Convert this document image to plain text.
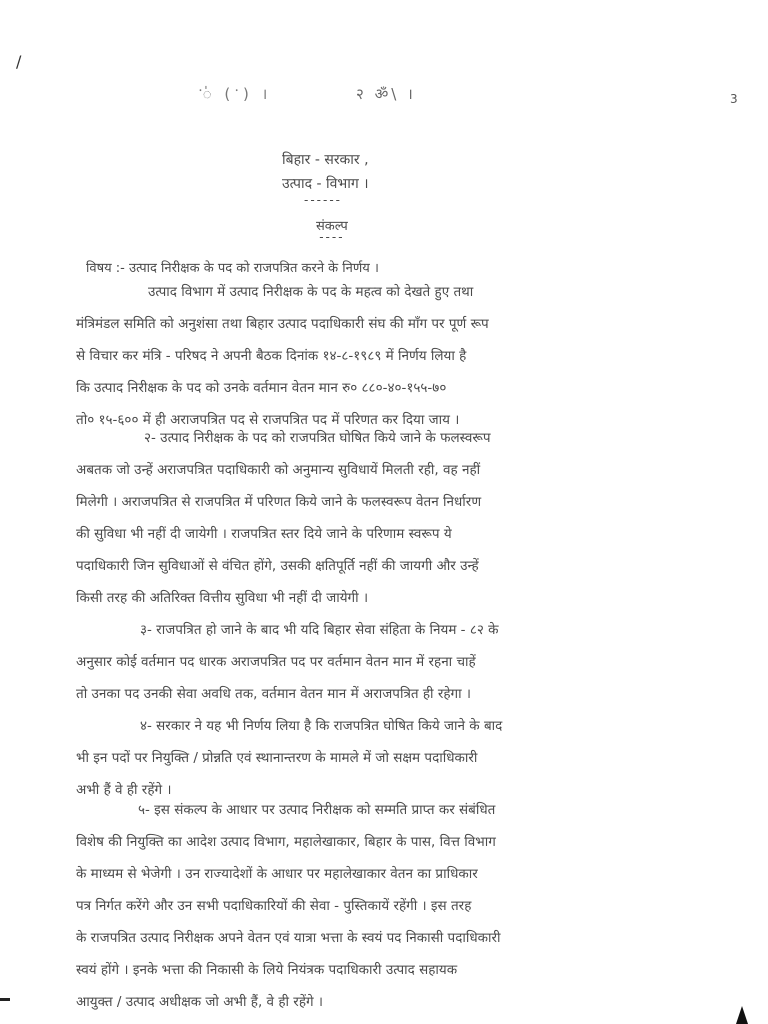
/
3
ॱ॑ (ॱ) ।	२ ॐ\ ।
बिहार - सरकार ,
उत्पाद - विभाग ।
------
संकल्प
----
विषय :- उत्पाद निरीक्षक के पद को राजपत्रित करने के निर्णय ।
उत्पाद विभाग में उत्पाद निरीक्षक के पद के महत्व को देखते हुए तथा
मंत्रिमंडल समिति को अनुशंसा तथा बिहार उत्पाद पदाधिकारी संघ की माँग पर पूर्ण रूप
से विचार कर मंत्रि - परिषद ने अपनी बैठक दिनांक १४-८-१९८९ में निर्णय लिया है
कि उत्पाद निरीक्षक के पद को उनके वर्तमान वेतन मान रु० ८८०-४०-१५५-७०
तो० १५-६०० में ही अराजपत्रित पद से राजपत्रित पद में परिणत कर दिया जाय ।
२- उत्पाद निरीक्षक के पद को राजपत्रित घोषित किये जाने के फलस्वरूप
अबतक जो उन्हें अराजपत्रित पदाधिकारी को अनुमान्य सुविधायें मिलती रही, वह नहीं
मिलेगी । अराजपत्रित से राजपत्रित में परिणत किये जाने के फलस्वरूप वेतन निर्धारण
की सुविधा भी नहीं दी जायेगी । राजपत्रित स्तर दिये जाने के परिणाम स्वरूप ये
पदाधिकारी जिन सुविधाओं से वंचित होंगे, उसकी क्षतिपूर्ति नहीं की जायगी और उन्हें
किसी तरह की अतिरिक्त वित्तीय सुविधा भी नहीं दी जायेगी ।
३- राजपत्रित हो जाने के बाद भी यदि बिहार सेवा संहिता के नियम - ८२ के
अनुसार कोई वर्तमान पद धारक अराजपत्रित पद पर वर्तमान वेतन मान में रहना चाहें
तो उनका पद उनकी सेवा अवधि तक, वर्तमान वेतन मान में अराजपत्रित ही रहेगा ।
४- सरकार ने यह भी निर्णय लिया है कि राजपत्रित घोषित किये जाने के बाद
भी इन पदों पर नियुक्ति / प्रोन्नति एवं स्थानान्तरण के मामले में जो सक्षम पदाधिकारी
अभी हैं वे ही रहेंगे ।
५- इस संकल्प के आधार पर उत्पाद निरीक्षक को सम्मति प्राप्त कर संबंधित
विशेष की नियुक्ति का आदेश उत्पाद विभाग, महालेखाकार, बिहार के पास, वित्त विभाग
के माध्यम से भेजेगी । उन राज्यादेशों के आधार पर महालेखाकार वेतन का प्राधिकार
पत्र निर्गत करेंगे और उन सभी पदाधिकारियों की सेवा - पुस्तिकायें रहेंगी । इस तरह
के राजपत्रित उत्पाद निरीक्षक अपने वेतन एवं यात्रा भत्ता के स्वयं पद निकासी पदाधिकारी
स्वयं होंगे । इनके भत्ता की निकासी के लिये नियंत्रक पदाधिकारी उत्पाद सहायक
आयुक्त / उत्पाद अधीक्षक जो अभी हैं, वे ही रहेंगे ।
